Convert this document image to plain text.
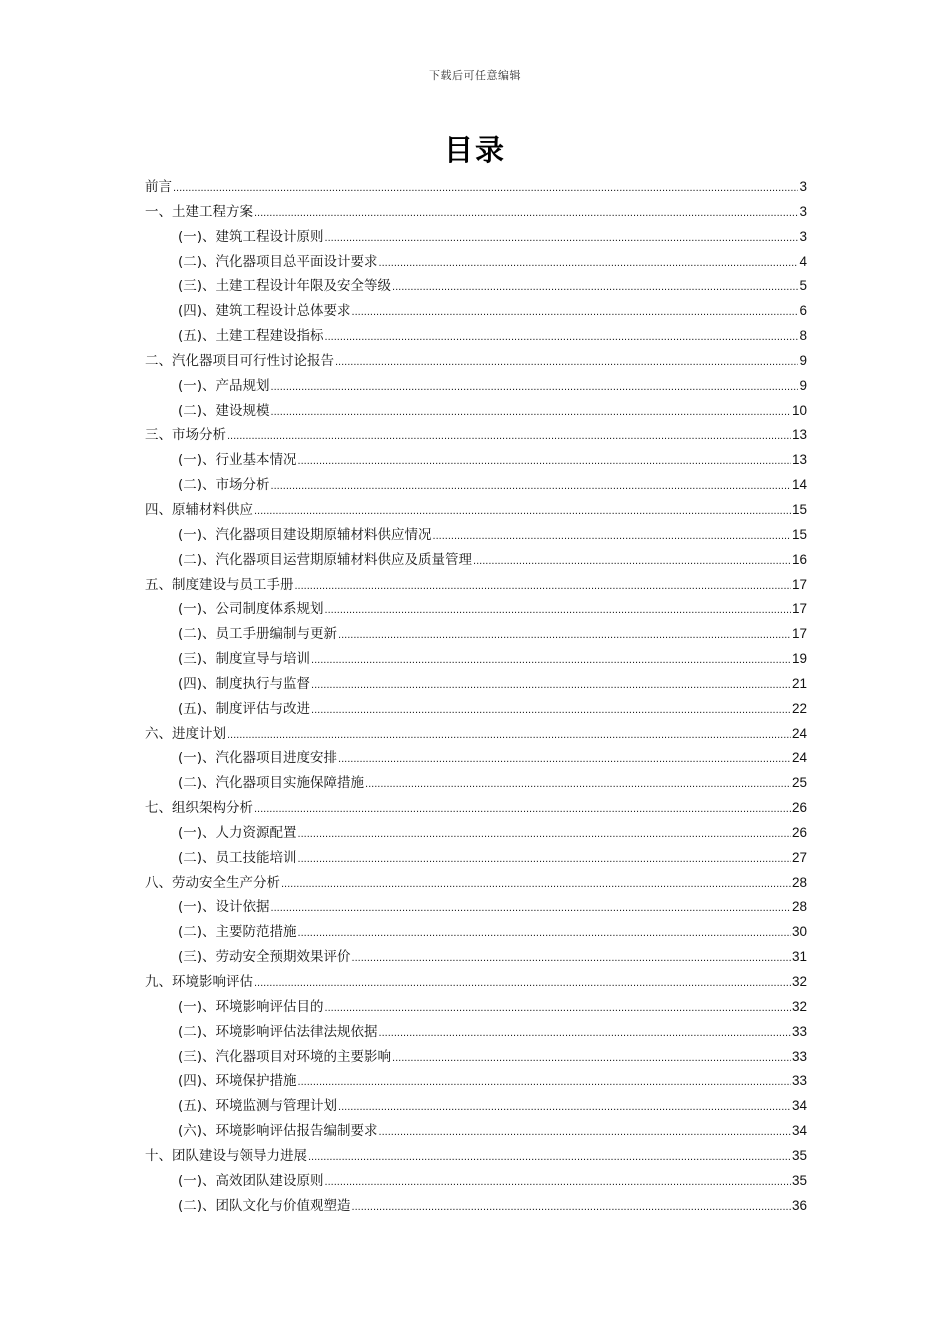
下载后可任意编辑
目录
前言 .....	3
一、土建工程方案 .....	3
(一)、建筑工程设计原则 .....	3
(二)、汽化器项目总平面设计要求 .....	4
(三)、土建工程设计年限及安全等级 .....	5
(四)、建筑工程设计总体要求 .....	6
(五)、土建工程建设指标 .....	8
二、汽化器项目可行性讨论报告 .....	9
(一)、产品规划 .....	9
(二)、建设规模 .....	10
三、市场分析 .....	13
(一)、行业基本情况 .....	13
(二)、市场分析 .....	14
四、原辅材料供应 .....	15
(一)、汽化器项目建设期原辅材料供应情况 .....	15
(二)、汽化器项目运营期原辅材料供应及质量管理 .....	16
五、制度建设与员工手册 .....	17
(一)、公司制度体系规划 .....	17
(二)、员工手册编制与更新 .....	17
(三)、制度宣导与培训 .....	19
(四)、制度执行与监督 .....	21
(五)、制度评估与改进 .....	22
六、进度计划 .....	24
(一)、汽化器项目进度安排 .....	24
(二)、汽化器项目实施保障措施 .....	25
七、组织架构分析 .....	26
(一)、人力资源配置 .....	26
(二)、员工技能培训 .....	27
八、劳动安全生产分析 .....	28
(一)、设计依据 .....	28
(二)、主要防范措施 .....	30
(三)、劳动安全预期效果评价 .....	31
九、环境影响评估 .....	32
(一)、环境影响评估目的 .....	32
(二)、环境影响评估法律法规依据 .....	33
(三)、汽化器项目对环境的主要影响 .....	33
(四)、环境保护措施 .....	33
(五)、环境监测与管理计划 .....	34
(六)、环境影响评估报告编制要求 .....	34
十、团队建设与领导力进展 .....	35
(一)、高效团队建设原则 .....	35
(二)、团队文化与价值观塑造 .....	36
